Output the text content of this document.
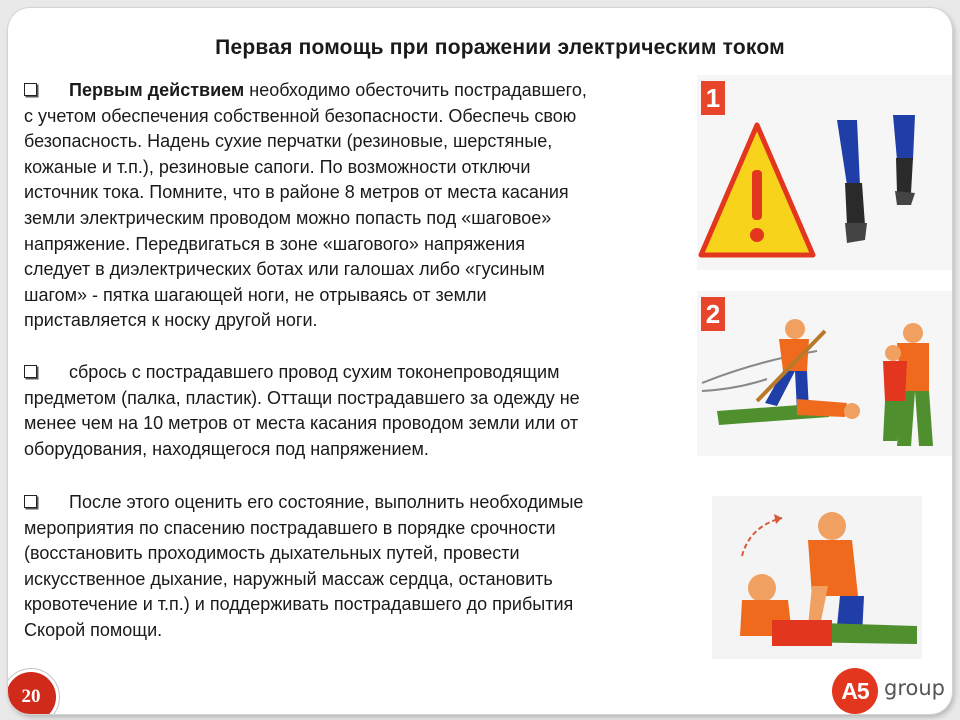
Первая помощь при поражении электрическим током
Первым действием необходимо обесточить пострадавшего,
с учетом обеспечения собственной безопасности. Обеспечь свою
безопасность. Надень сухие перчатки (резиновые, шерстяные,
кожаные и т.п.), резиновые сапоги. По возможности отключи
источник тока. Помните, что в районе 8 метров от места касания
земли электрическим проводом можно попасть под «шаговое»
напряжение. Передвигаться в зоне «шагового» напряжения
следует в диэлектрических ботах или галошах либо «гусиным
шагом» - пятка шагающей ноги, не отрываясь от земли
приставляется к носку другой ноги.
сбрось с пострадавшего провод сухим токонепроводящим
предметом (палка, пластик). Оттащи пострадавшего за одежду не
менее чем на 10 метров от места касания проводом земли или от
оборудования, находящегося под напряжением.
После этого оценить его состояние, выполнить необходимые
мероприятия по спасению пострадавшего в порядке срочности
(восстановить проходимость дыхательных путей, провести
искусственное дыхание, наружный массаж сердца, остановить
кровотечение и т.п.) и поддерживать пострадавшего до прибытия
Скорой помощи.
1
2
20	A5 group
